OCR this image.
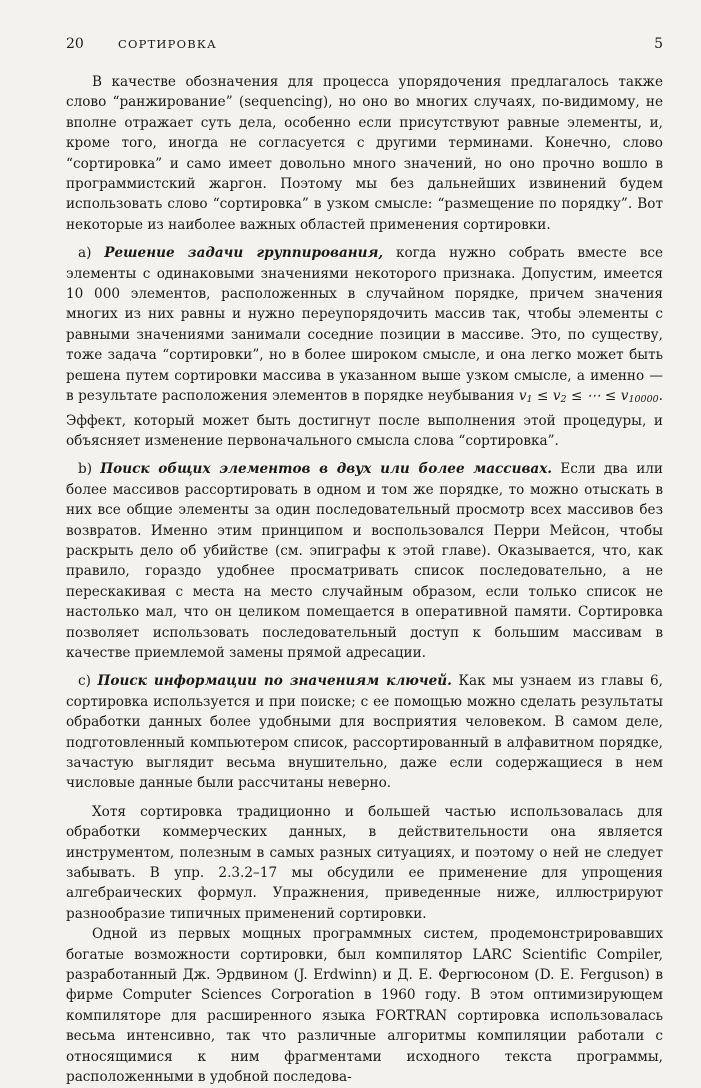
20	СОРТИРОВКА	5

В качестве обозначения для процесса упорядочения предлагалось также слово “ранжирование” (sequencing), но оно во многих случаях, по-видимому, не вполне отражает суть дела, особенно если присутствуют равные элементы, и, кроме того, иногда не согласуется с другими терминами. Конечно, слово “сортировка” и само имеет довольно много значений, но оно прочно вошло в программистский жаргон. Поэтому мы без дальнейших извинений будем использовать слово “сортировка” в узком смысле: “размещение по порядку”. Вот некоторые из наиболее важных областей применения сортировки.

а) Решение задачи группирования, когда нужно собрать вместе все элементы с одинаковыми значениями некоторого признака. Допустим, имеется 10 000 элементов, расположенных в случайном порядке, причем значения многих из них равны и нужно переупорядочить массив так, чтобы элементы с равными значениями занимали соседние позиции в массиве. Это, по существу, тоже задача “сортировки”, но в более широком смысле, и она легко может быть решена путем сортировки массива в указанном выше узком смысле, а именно — в результате расположения элементов в порядке неубывания $v_1 \le v_2$ ≤ ⋯ ≤ $v_{10000}$. Эффект, который может быть достигнут после выполнения этой процедуры, и объясняет изменение первоначального смысла слова “сортировка”.

b) Поиск общих элементов в двух или более массивах. Если два или более массивов рассортировать в одном и том же порядке, то можно отыскать в них все общие элементы за один последовательный просмотр всех массивов без возвратов. Именно этим принципом и воспользовался Перри Мейсон, чтобы раскрыть дело об убийстве (см. эпиграфы к этой главе). Оказывается, что, как правило, гораздо удобнее просматривать список последовательно, а не перескакивая с места на место случайным образом, если только список не настолько мал, что он целиком помещается в оперативной памяти. Сортировка позволяет использовать последовательный доступ к большим массивам в качестве приемлемой замены прямой адресации.

c) Поиск информации по значениям ключей. Как мы узнаем из главы 6, сортировка используется и при поиске; с ее помощью можно сделать результаты обработки данных более удобными для восприятия человеком. В самом деле, подготовленный компьютером список, рассортированный в алфавитном порядке, зачастую выглядит весьма внушительно, даже если содержащиеся в нем числовые данные были рассчитаны неверно.

Хотя сортировка традиционно и большей частью использовалась для обработки коммерческих данных, в действительности она является инструментом, полезным в самых разных ситуациях, и поэтому о ней не следует забывать. В упр. 2.3.2–17 мы обсудили ее применение для упрощения алгебраических формул. Упражнения, приведенные ниже, иллюстрируют разнообразие типичных применений сортировки.

Одной из первых мощных программных систем, продемонстрировавших богатые возможности сортировки, был компилятор LARC Scientific Compiler, разработанный Дж. Эрдвином (J. Erdwinn) и Д. Е. Фергюсоном (D. E. Ferguson) в фирме Computer Sciences Corporation в 1960 году. В этом оптимизирующем компиляторе для расширенного языка FORTRAN сортировка использовалась весьма интенсивно, так что различные алгоритмы компиляции работали с относящимися к ним фрагментами исходного текста программы, расположенными в удобной последова-
